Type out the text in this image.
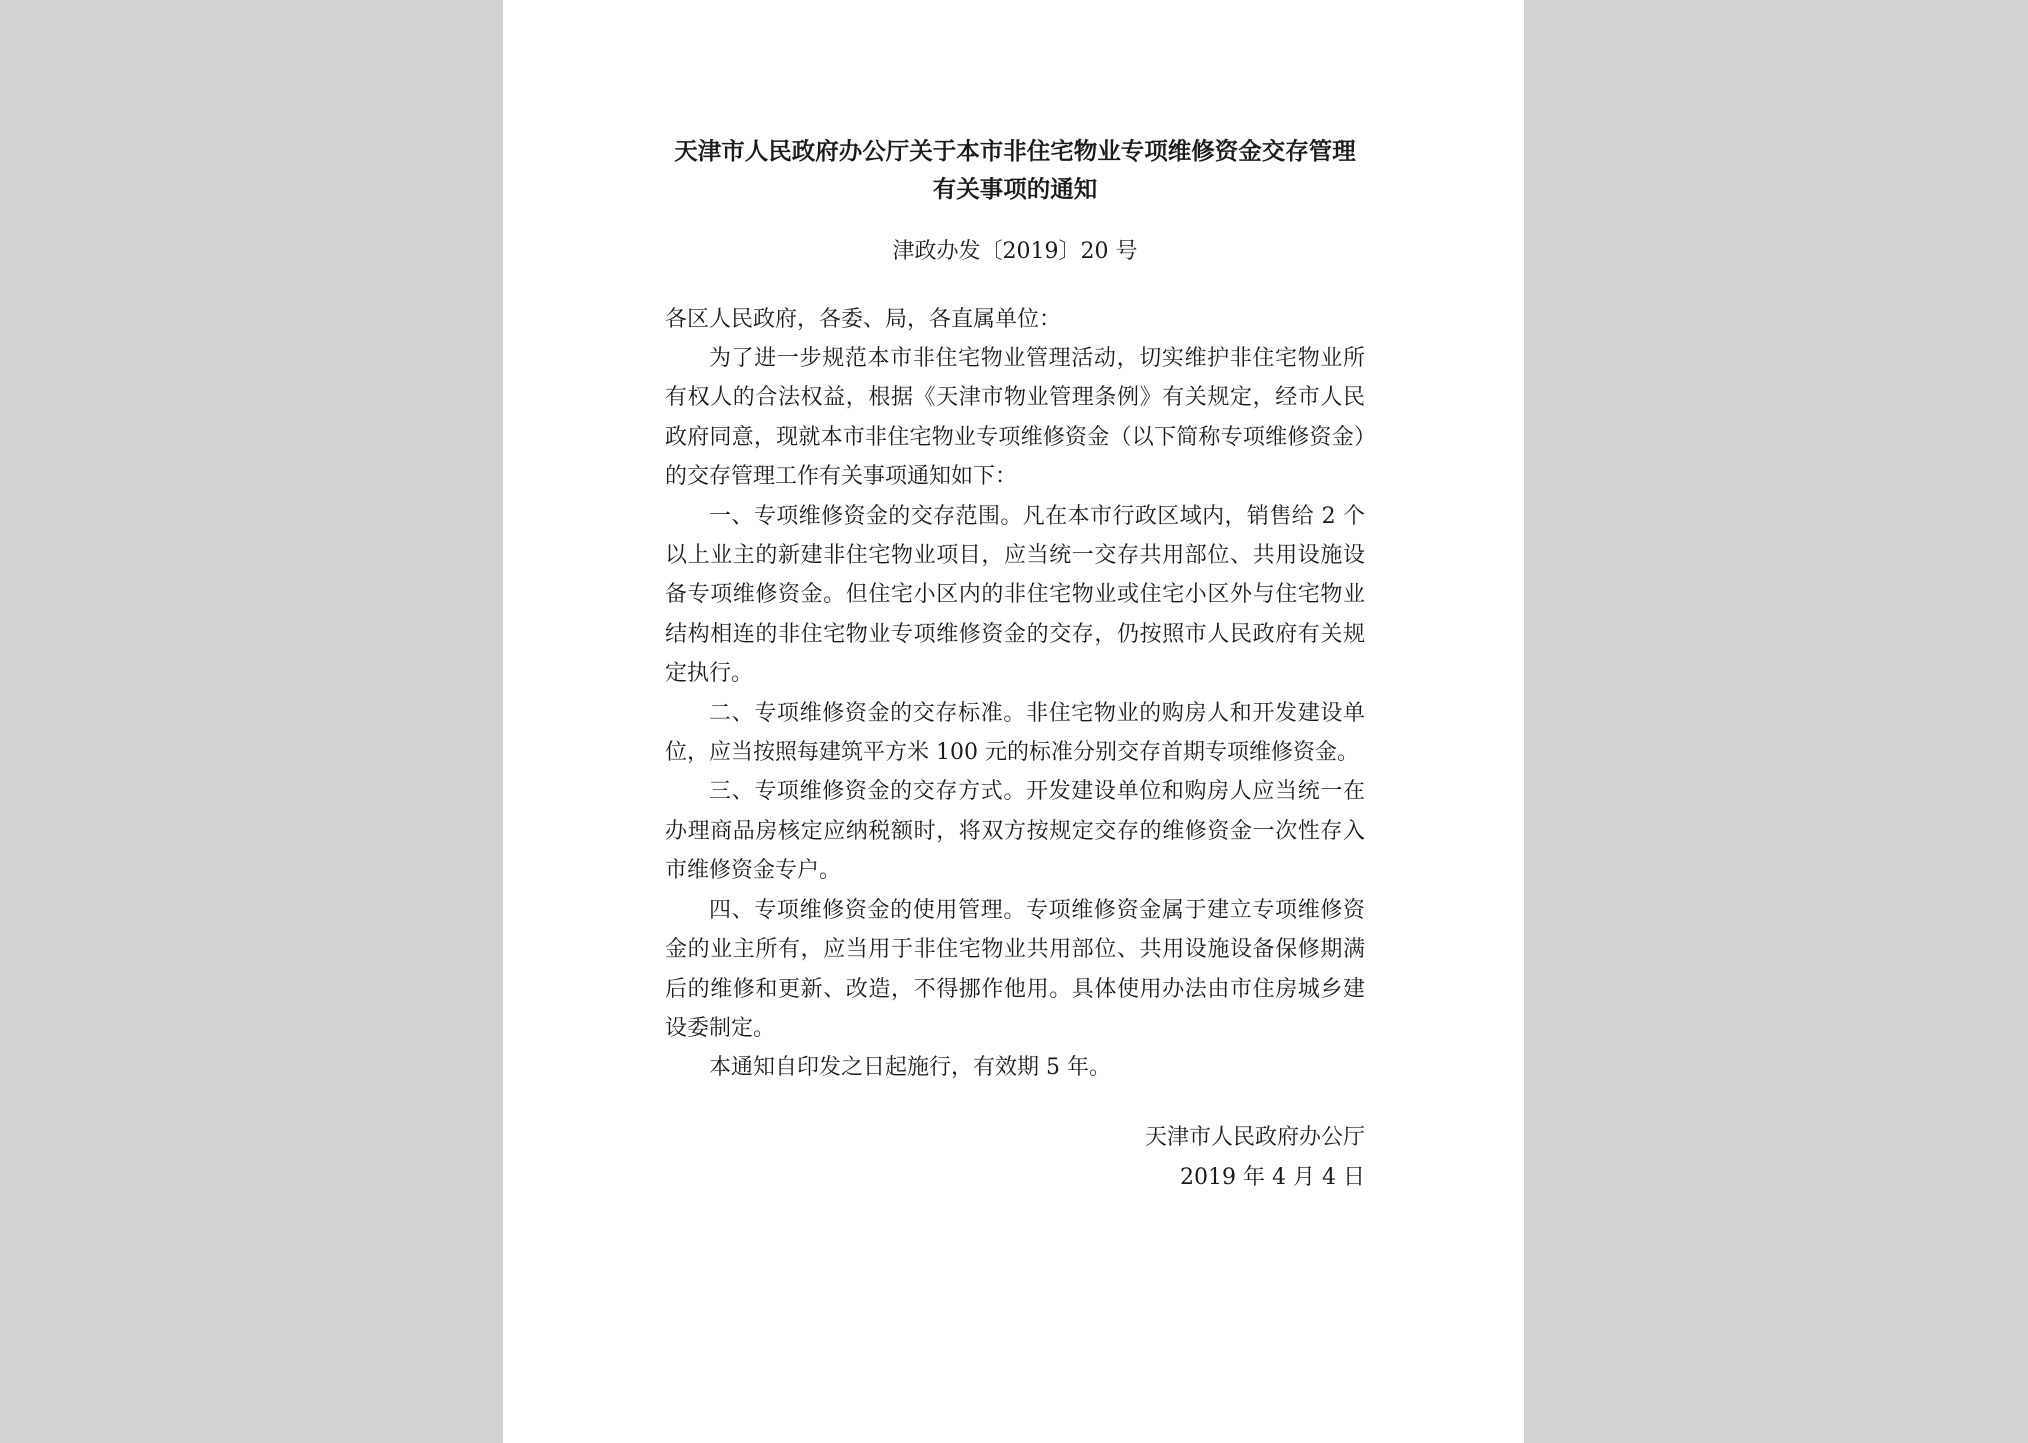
天津市人民政府办公厅关于本市非住宅物业专项维修资金交存管理
有关事项的通知
津政办发〔2019〕20 号
各区人民政府，各委、局，各直属单位：

为了进一步规范本市非住宅物业管理活动，切实维护非住宅物业所有权人的合法权益，根据《天津市物业管理条例》有关规定，经市人民政府同意，现就本市非住宅物业专项维修资金（以下简称专项维修资金）的交存管理工作有关事项通知如下：

一、专项维修资金的交存范围。凡在本市行政区域内，销售给 2 个以上业主的新建非住宅物业项目，应当统一交存共用部位、共用设施设备专项维修资金。但住宅小区内的非住宅物业或住宅小区外与住宅物业结构相连的非住宅物业专项维修资金的交存，仍按照市人民政府有关规定执行。

二、专项维修资金的交存标准。非住宅物业的购房人和开发建设单位，应当按照每建筑平方米 100 元的标准分别交存首期专项维修资金。

三、专项维修资金的交存方式。开发建设单位和购房人应当统一在办理商品房核定应纳税额时，将双方按规定交存的维修资金一次性存入市维修资金专户。

四、专项维修资金的使用管理。专项维修资金属于建立专项维修资金的业主所有，应当用于非住宅物业共用部位、共用设施设备保修期满后的维修和更新、改造，不得挪作他用。具体使用办法由市住房城乡建设委制定。

本通知自印发之日起施行，有效期 5 年。

天津市人民政府办公厅
2019 年 4 月 4 日
